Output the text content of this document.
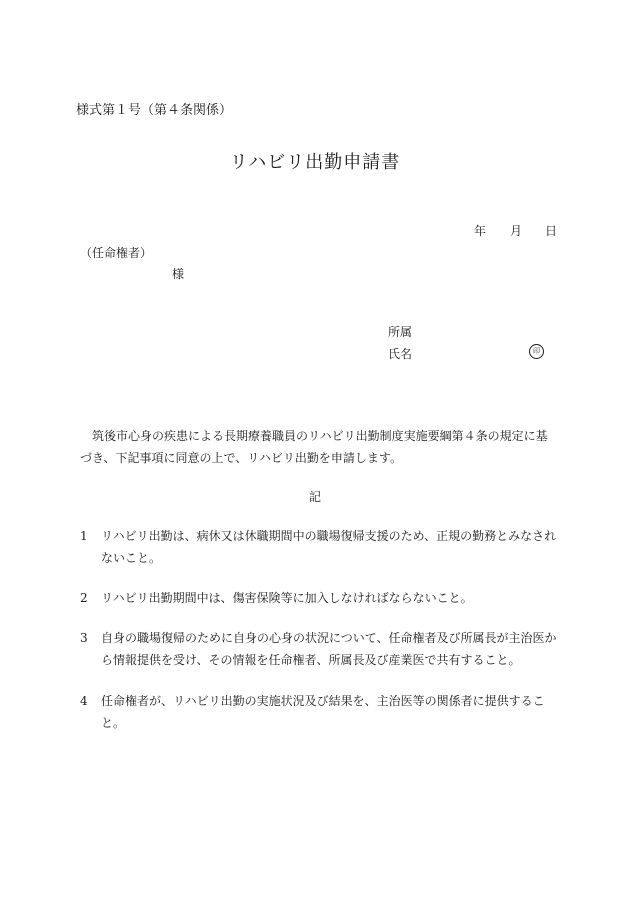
様式第１号（第４条関係）
リハビリ出勤申請書
年 月 日
（任命権者）
様
所属
氏名	印
筑後市心身の疾患による長期療養職員のリハビリ出勤制度実施要綱第４条の規定に基づき、下記事項に同意の上で、リハビリ出勤を申請します。
記
1	リハビリ出勤は、病休又は休職期間中の職場復帰支援のため、正規の勤務とみなされないこと。
2	リハビリ出勤期間中は、傷害保険等に加入しなければならないこと。
3	自身の職場復帰のために自身の心身の状況について、任命権者及び所属長が主治医から情報提供を受け、その情報を任命権者、所属長及び産業医で共有すること。
4	任命権者が、リハビリ出勤の実施状況及び結果を、主治医等の関係者に提供すること。
